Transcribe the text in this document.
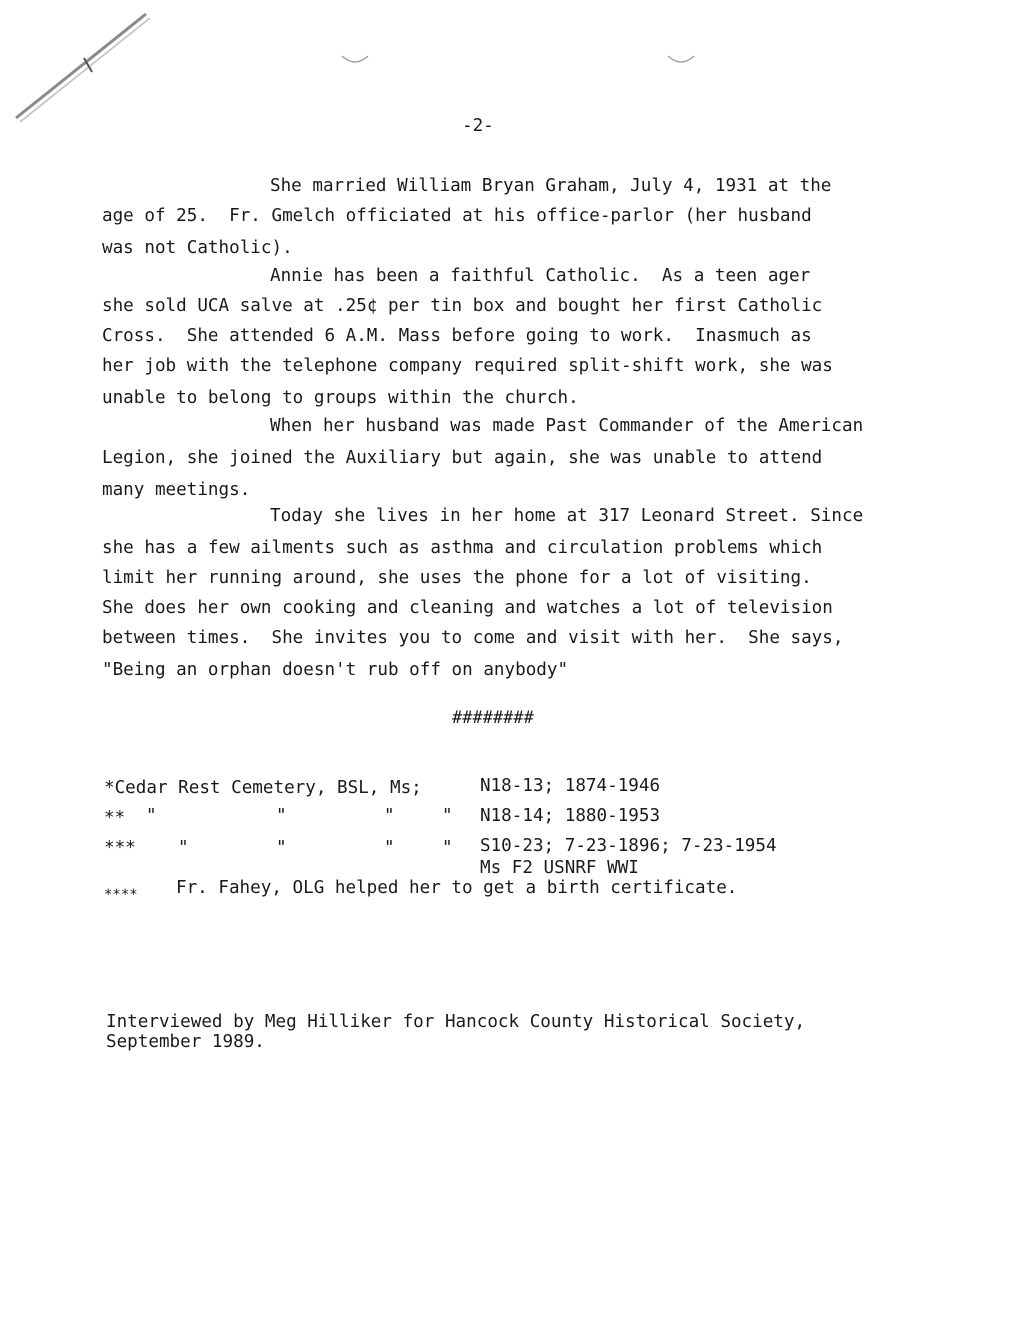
-2-
She married William Bryan Graham, July 4, 1931 at the
age of 25.  Fr. Gmelch officiated at his office-parlor (her husband
was not Catholic).
Annie has been a faithful Catholic.  As a teen ager
she sold UCA salve at .25¢ per tin box and bought her first Catholic
Cross.  She attended 6 A.M. Mass before going to work.  Inasmuch as
her job with the telephone company required split-shift work, she was
unable to belong to groups within the church.
When her husband was made Past Commander of the American
Legion, she joined the Auxiliary but again, she was unable to attend
many meetings.
Today she lives in her home at 317 Leonard Street. Since
she has a few ailments such as asthma and circulation problems which
limit her running around, she uses the phone for a lot of visiting.
She does her own cooking and cleaning and watches a lot of television
between times.  She invites you to come and visit with her.  She says,
"Being an orphan doesn't rub off on anybody"
########
*Cedar Rest Cemetery, BSL, Ms;	N18-13; 1874-1946
** "	"	"	" N18-14; 1880-1953
*** "	"	"	" S10-23; 7-23-1896; 7-23-1954
Ms F2 USNRF WWI
**** Fr. Fahey, OLG helped her to get a birth certificate.
Interviewed by Meg Hilliker for Hancock County Historical Society,
September 1989.
